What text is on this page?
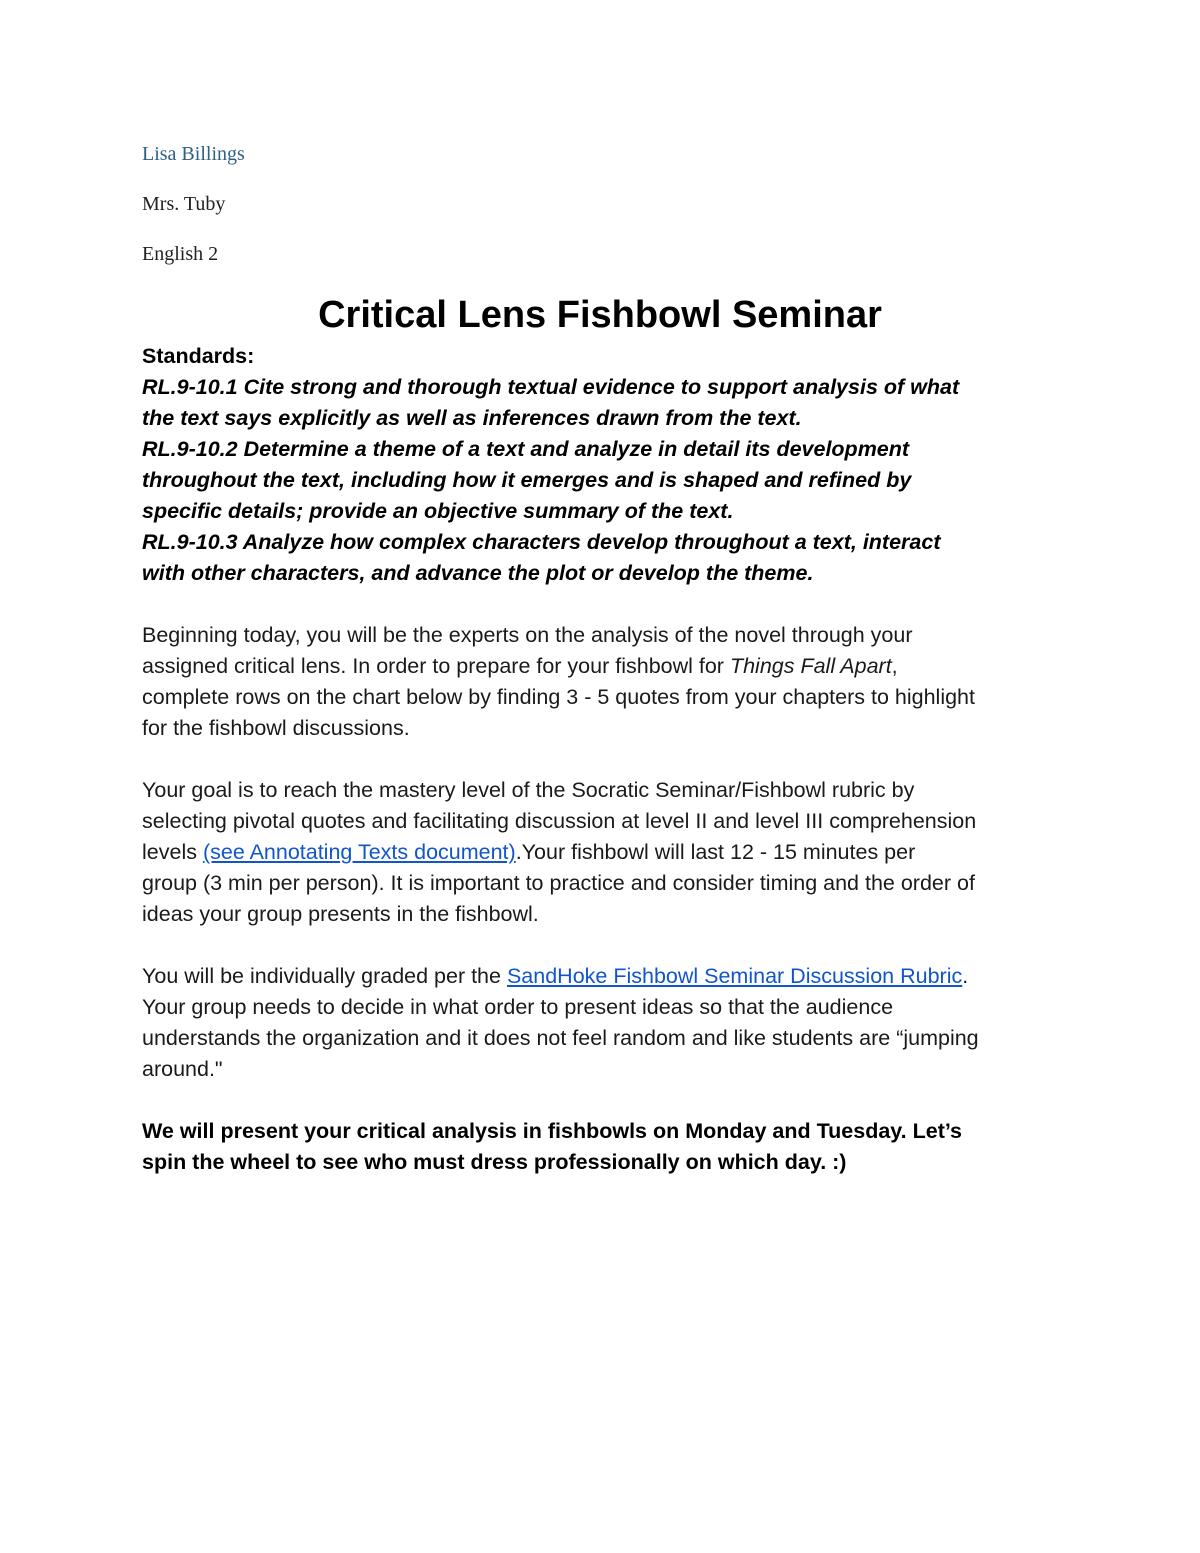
Lisa Billings
Mrs. Tuby
English 2
Critical Lens Fishbowl Seminar
Standards:
RL.9-10.1 Cite strong and thorough textual evidence to support analysis of what
the text says explicitly as well as inferences drawn from the text.
RL.9-10.2 Determine a theme of a text and analyze in detail its development
throughout the text, including how it emerges and is shaped and refined by
specific details; provide an objective summary of the text.
RL.9-10.3 Analyze how complex characters develop throughout a text, interact
with other characters, and advance the plot or develop the theme.
Beginning today, you will be the experts on the analysis of the novel through your
assigned critical lens. In order to prepare for your fishbowl for Things Fall Apart,
complete rows on the chart below by finding 3 - 5 quotes from your chapters to highlight
for the fishbowl discussions.
Your goal is to reach the mastery level of the Socratic Seminar/Fishbowl rubric by
selecting pivotal quotes and facilitating discussion at level II and level III comprehension
levels (see Annotating Texts document).Your fishbowl will last 12 - 15 minutes per
group (3 min per person). It is important to practice and consider timing and the order of
ideas your group presents in the fishbowl.
You will be individually graded per the SandHoke Fishbowl Seminar Discussion Rubric.
Your group needs to decide in what order to present ideas so that the audience
understands the organization and it does not feel random and like students are “jumping
around."
We will present your critical analysis in fishbowls on Monday and Tuesday. Let’s
spin the wheel to see who must dress professionally on which day. :)
